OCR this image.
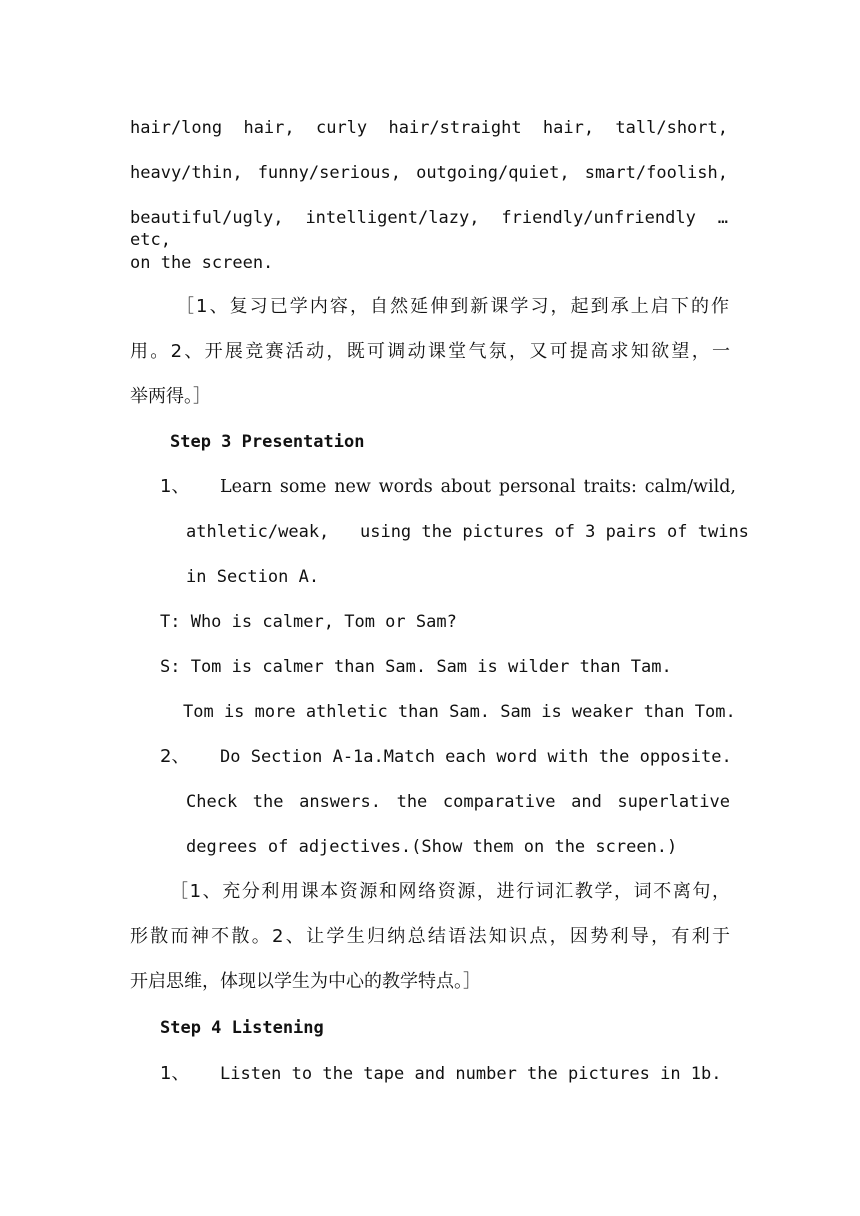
hair/long hair, curly hair/straight hair, tall/short,
heavy/thin, funny/serious, outgoing/quiet, smart/foolish,
beautiful/ugly, intelligent/lazy, friendly/unfriendly …etc,
on the screen.
［1、复习已学内容，自然延伸到新课学习，起到承上启下的作
用。2、开展竞赛活动，既可调动课堂气氛，又可提高求知欲望，一
举两得。］
Step 3 Presentation
1、 Learn some new words about personal traits: calm/wild,
athletic/weak,   using the pictures of 3 pairs of twins
in Section A.
T: Who is calmer, Tom or Sam?
S: Tom is calmer than Sam. Sam is wilder than Tam.
Tom is more athletic than Sam. Sam is weaker than Tom.
2、 Do Section A-1a.Match each word with the opposite.
Check the answers. the comparative and superlative
degrees of adjectives.(Show them on the screen.)
［1、充分利用课本资源和网络资源，进行词汇教学，词不离句，
形散而神不散。2、让学生归纳总结语法知识点，因势利导，有利于
开启思维，体现以学生为中心的教学特点。］
Step 4 Listening
1、 Listen to the tape and number the pictures in 1b.
